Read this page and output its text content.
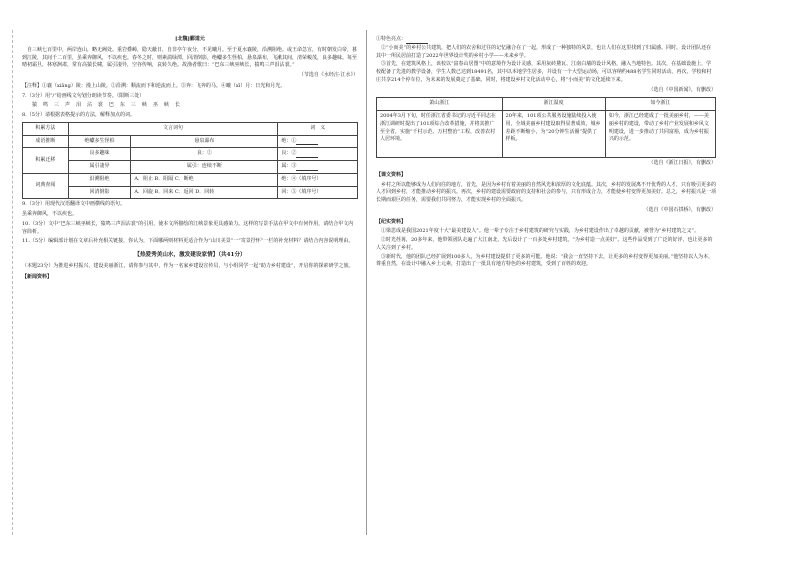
[北魏]郦道元

自三峡七百里中，两岸连山，略无阙处。重岩叠嶂，隐天蔽日，自非亭午夜分，不见曦月。至于夏水襄陵，沿溯阻绝。或王命急宣，有时朝发白帝，暮到江陵，其间千二百里，虽乘奔御风，不以疾也。春冬之时，则素湍绿潭，回清倒影，绝巘多生怪柏，悬泉瀑布，飞漱其间，清荣峻茂，良多趣味。每至晴初霜旦，林寒涧肃，常有高猿长啸，属引凄异，空谷传响，哀转久绝。故渔者歌曰：“巴东三峡巫峡长，猿鸣三声泪沾裳。”

（节选自《水经注·江水》）

【注释】①襄（xiāng）陵：漫上山陵。②沿溯：顺流而下和逆流而上。③奔：飞奔的马。④曦（xī）月：日光和月光。

7.（3分）用“/”给画线文句划分朗读节奏。（限断三处）

猿 鸣 三 声 泪 沾 裳 巴 东 三 峡 巫 峡 长

8.（5分）请根据表格提示的方法，解释加点的词。

积累方法	文言词句		词　义
成语推断	绝巘多生怪柏	悬泉瀑布	绝：①
积累迁移	良多趣味	良：②	良：②
	属引凄异	属引：连续不断	属：③
词典查阅	沿溯阻绝	A．阻止 B．阻隔 C．断绝	绝：④（填序号）
	回清倒影	A．回旋 B．回来 C．返回 D．回转	回：⑤（填序号）

9.（3分）用现代汉语翻译文中画横线的语句。

虽乘奔御风，不以疾也。

10.（3分）文中“巴东三峡巫峡长，猿鸣三声泪沾裳”的引用，使本文所描绘的江峡景象更具感染力。这样的写景手法在甲文中有何作用，请结合甲文内容简析。

11.（5分）编辑部计划在文章后补充相关链接，你认为，下面哪两则材料更适合作为“山川美景”一“寄景抒怀”一栏的补充材料？请结合内容说明理由。

【热爱秀美山水，激发建设家情】（共41分）

（本题23分）为推进乡村振兴，建设美丽浙江，请你参与其中，作为一名家乡建设宣传员，与小组同学一起“助力乡村建设”，开启你的探索研学之旅。

【新闻资料】

①特色亮点：

②“小而美”的乡村公共建筑，把人们的农舍和过往的记忆融合在了一起，形成了一种独特的风景，也让人们在这里找到了归属感。同时，设计团队还在其中一所民居前打造了2022年世界设计奖的乡村小学——未来乡学。

③首先，在建筑风格上，该校以“富春山居图”中的意境作为设计灵感，采用灰砖黛瓦、江南白墙的设计风格，融入当地特色。其次，在基础设施上，学校配备了先进的教学设备，学生人数已达到18491名，其中以本地学生居多，并设有一个大型运动场，可以容纳约488名学生同时活动。再次，学校和村庄共享214个停车位，为未来的发展奠定了基础。同时，将建设乡村文化活动中心，将“小而美”的文化延续下来。

（选自《中国新闻》，有删改）

萧山浙江	浙江温度	如今浙江
2004年3月下旬，时任浙江省委书记的习近平同志在浙江调研时提出了101项综合改革措施，并将其推广至全省，实施“千村示范、万村整治”工程，改善农村人居环境。	20年来，101项公共服务设施陆续投入使用，全域美丽乡村建设取得显著成效，城乡差距不断缩小，为“20分钟生活圈”提供了样板。	如今，浙江已经建成了一批美丽乡村，——美丽乡村的建设，带动了乡村产业发展和乡风文明建设，进一步推动了共同富裕，成为乡村振兴的示范。

（选自《浙江日报》，有删改）

【课文资料】

乡村之所以能够成为人们向往的地方，首先，是因为乡村有着美丽的自然风光和浓厚的文化底蕴。其次，乡村的发展离不开优秀的人才，只有吸引更多的人才回到乡村，才能推动乡村的振兴。再次，乡村的建设需要政府的支持和社会的参与，只有形成合力，才能使乡村变得更加美好。总之，乡村振兴是一项长期而艰巨的任务，需要我们共同努力，才能实现乡村的全面振兴。

（选自《中国石拱桥》，有删改）

【纪实资料】

①梁思成是我国2021年度十大“最美建设人”。他一辈子专注于乡村建筑的研究与实践，为乡村建设作出了卓越的贡献，被誉为“乡村建筑之父”。

②时光荏苒，20多年来，他带领团队走遍了大江南北，先后设计了一百多处乡村建筑，“为乡村造一点美好”。这些作品受到了广泛的好评，也让更多的人关注到了乡村。

③新时代，他的团队已经扩展到100多人，为乡村建设提供了更多的可能。他说：“我会一直坚持下去，让更多的乡村变得更加美丽。”他坚持以人为本，尊重自然，在设计中融入乡土元素，打造出了一批具有地方特色的乡村建筑，受到了百姓的欢迎。
